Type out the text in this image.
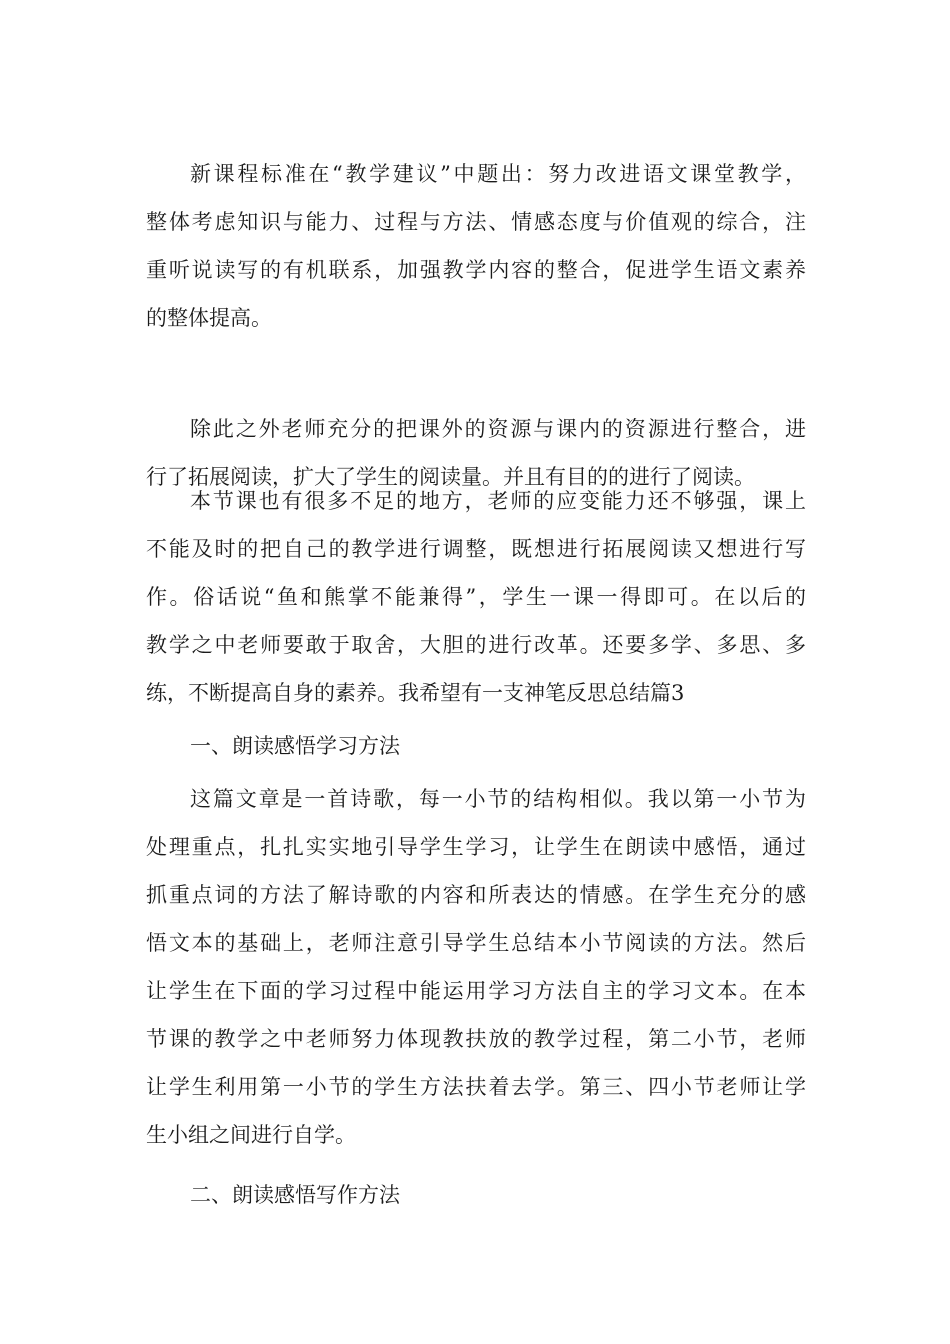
新课程标准在“教学建议”中题出：努力改进语文课堂教学，
整体考虑知识与能力、过程与方法、情感态度与价值观的综合，注
重听说读写的有机联系，加强教学内容的整合，促进学生语文素养
的整体提高。
除此之外老师充分的把课外的资源与课内的资源进行整合，进
行了拓展阅读，扩大了学生的阅读量。并且有目的的进行了阅读。
本节课也有很多不足的地方，老师的应变能力还不够强，课上
不能及时的把自己的教学进行调整，既想进行拓展阅读又想进行写
作。俗话说“鱼和熊掌不能兼得”，学生一课一得即可。在以后的
教学之中老师要敢于取舍，大胆的进行改革。还要多学、多思、多
练，不断提高自身的素养。我希望有一支神笔反思总结篇3
一、朗读感悟学习方法
这篇文章是一首诗歌，每一小节的结构相似。我以第一小节为
处理重点，扎扎实实地引导学生学习，让学生在朗读中感悟，通过
抓重点词的方法了解诗歌的内容和所表达的情感。在学生充分的感
悟文本的基础上，老师注意引导学生总结本小节阅读的方法。然后
让学生在下面的学习过程中能运用学习方法自主的学习文本。在本
节课的教学之中老师努力体现教扶放的教学过程，第二小节，老师
让学生利用第一小节的学生方法扶着去学。第三、四小节老师让学
生小组之间进行自学。
二、朗读感悟写作方法
